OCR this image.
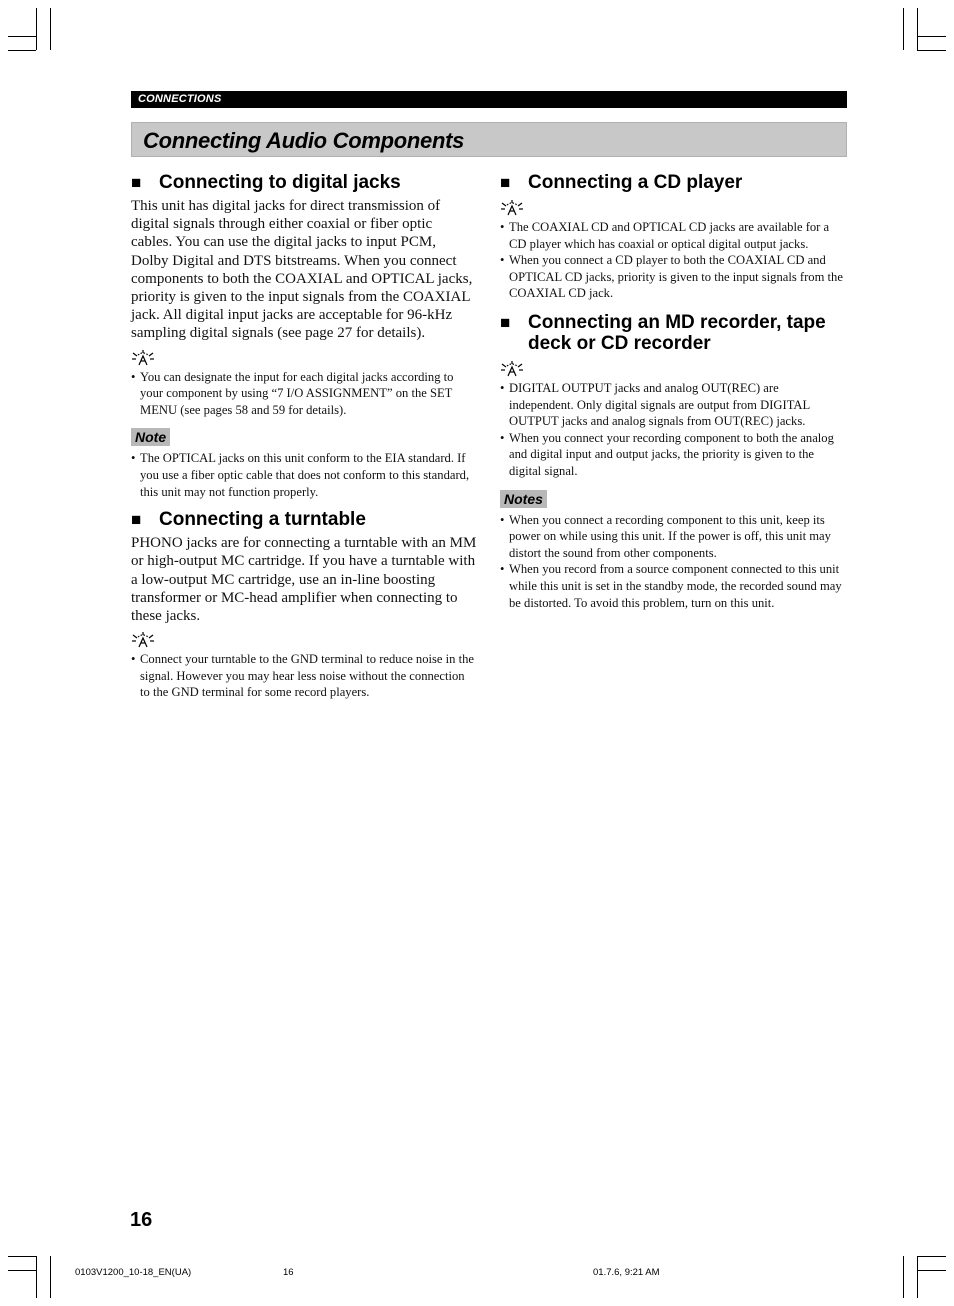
CONNECTIONS
Connecting Audio Components
■ Connecting to digital jacks

This unit has digital jacks for direct transmission of digital signals through either coaxial or fiber optic cables. You can use the digital jacks to input PCM, Dolby Digital and DTS bitstreams. When you connect components to both the COAXIAL and OPTICAL jacks, priority is given to the input signals from the COAXIAL jack. All digital input jacks are acceptable for 96-kHz sampling digital signals (see page 27 for details).

• You can designate the input for each digital jacks according to your component by using “7 I/O ASSIGNMENT” on the SET MENU (see pages 58 and 59 for details).
Note
• The OPTICAL jacks on this unit conform to the EIA standard. If you use a fiber optic cable that does not conform to this standard, this unit may not function properly.
■ Connecting a turntable

PHONO jacks are for connecting a turntable with an MM or high-output MC cartridge. If you have a turntable with a low-output MC cartridge, use an in-line boosting transformer or MC-head amplifier when connecting to these jacks.

• Connect your turntable to the GND terminal to reduce noise in the signal. However you may hear less noise without the connection to the GND terminal for some record players.
■ Connecting a CD player
• The COAXIAL CD and OPTICAL CD jacks are available for a CD player which has coaxial or optical digital output jacks.
• When you connect a CD player to both the COAXIAL CD and OPTICAL CD jacks, priority is given to the input signals from the COAXIAL CD jack.
■ Connecting an MD recorder, tape deck or CD recorder
• DIGITAL OUTPUT jacks and analog OUT(REC) are independent. Only digital signals are output from DIGITAL OUTPUT jacks and analog signals from OUT(REC) jacks.
• When you connect your recording component to both the analog and digital input and output jacks, the priority is given to the digital signal.
Notes
• When you connect a recording component to this unit, keep its power on while using this unit. If the power is off, this unit may distort the sound from other components.
• When you record from a source component connected to this unit while this unit is set in the standby mode, the recorded sound may be distorted. To avoid this problem, turn on this unit.
16
0103V1200_10-18_EN(UA)	16	01.7.6, 9:21 AM
